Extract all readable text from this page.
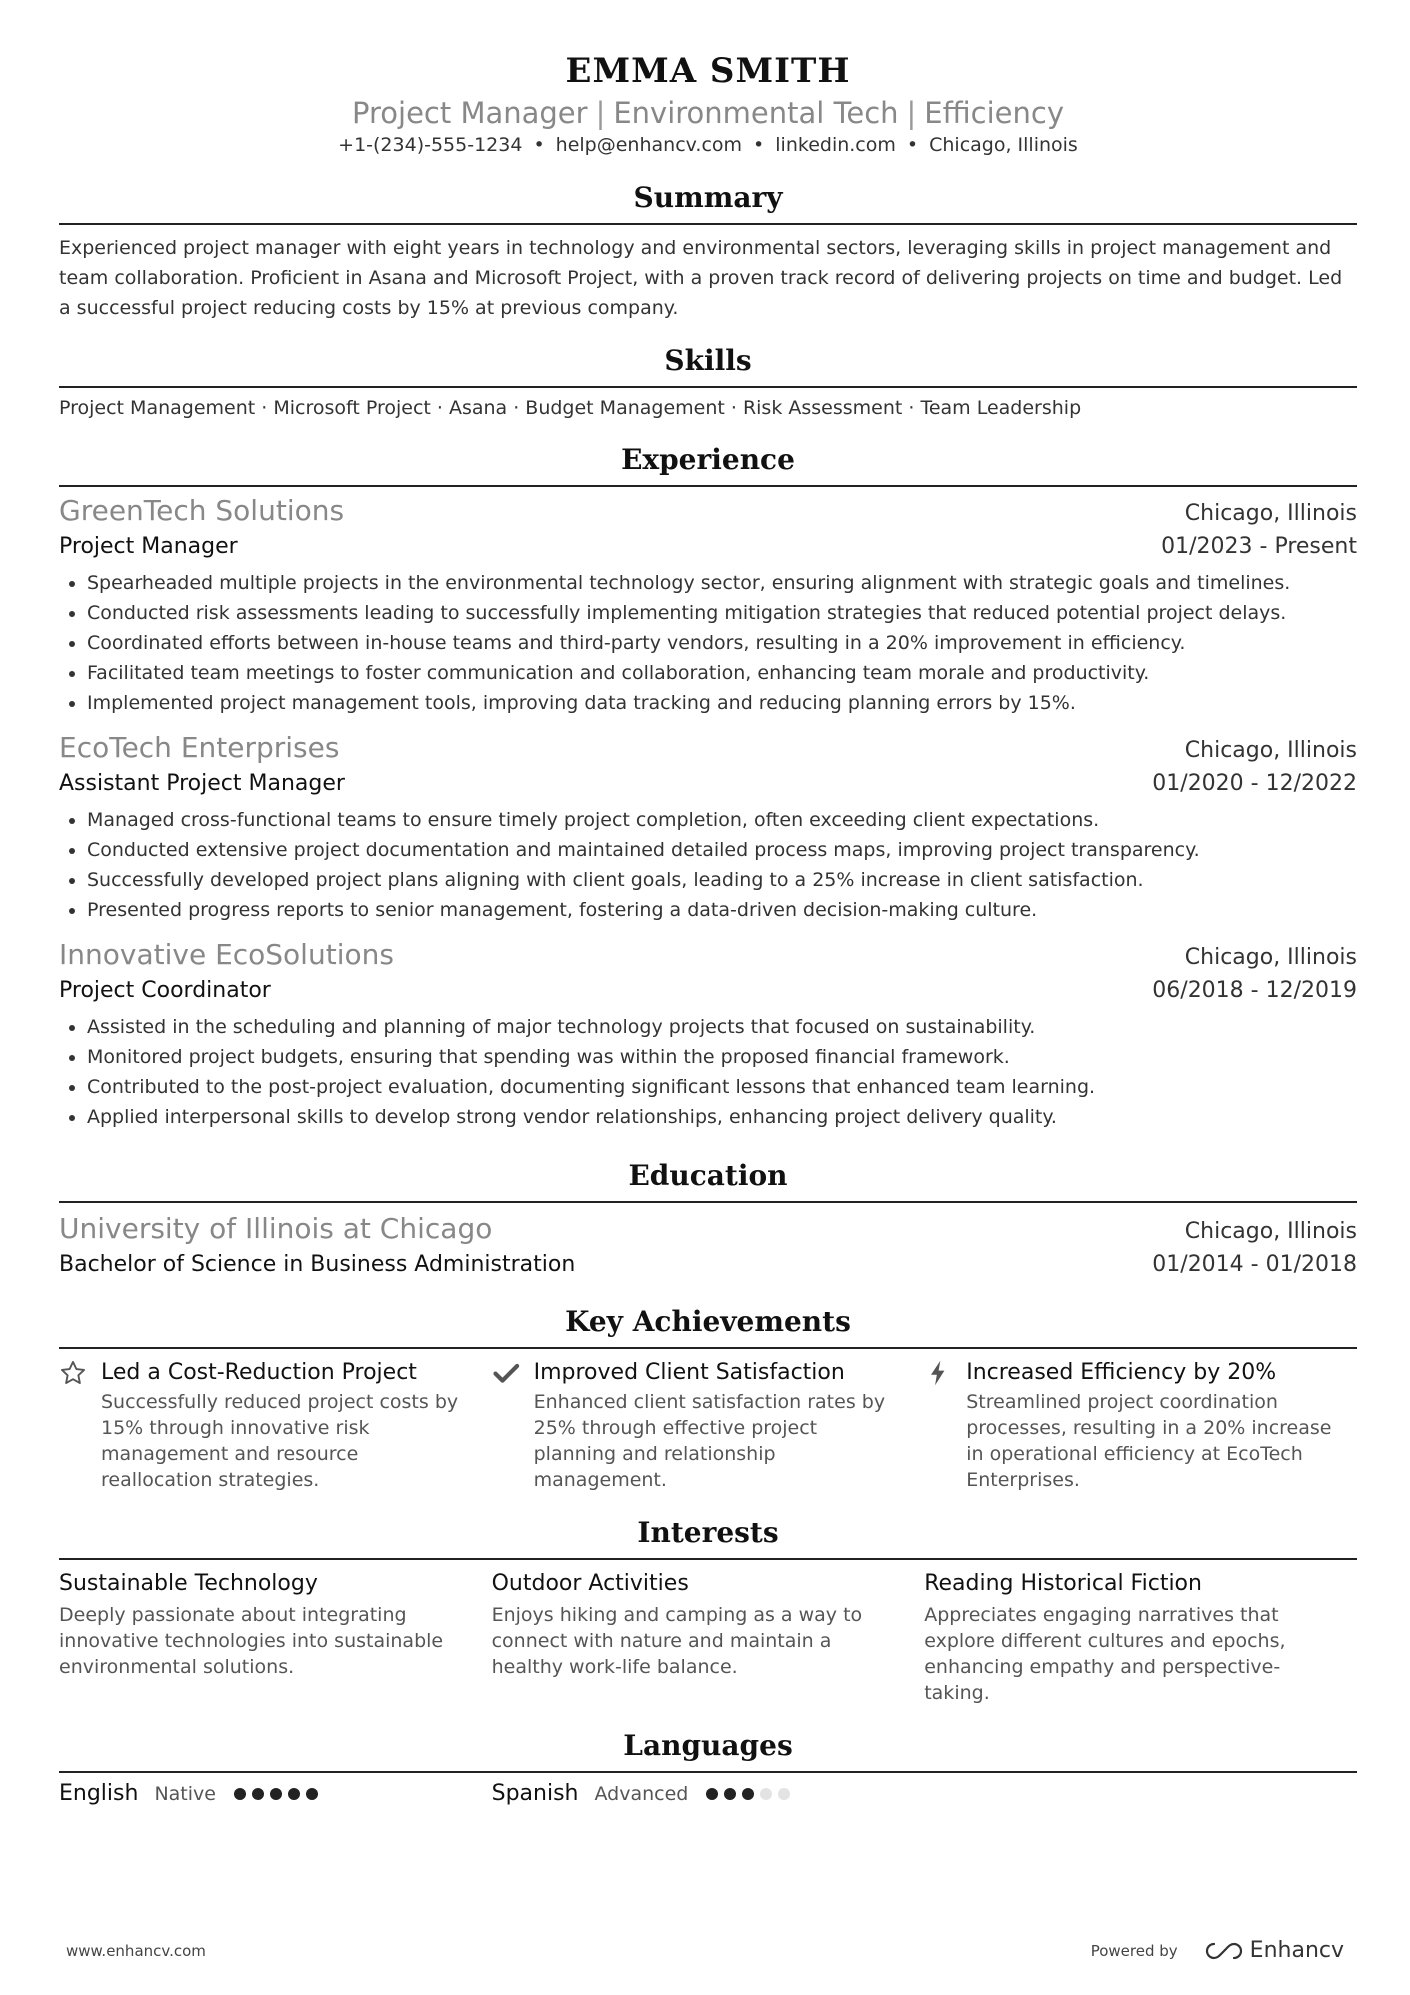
EMMA SMITH
Project Manager | Environmental Tech | Efficiency
+1-(234)-555-1234 • help@enhancv.com • linkedin.com • Chicago, Illinois
Summary
Experienced project manager with eight years in technology and environmental sectors, leveraging skills in project management and team collaboration. Proficient in Asana and Microsoft Project, with a proven track record of delivering projects on time and budget. Led a successful project reducing costs by 15% at previous company.
Skills
Project Management · Microsoft Project · Asana · Budget Management · Risk Assessment · Team Leadership
Experience
GreenTech Solutions	Chicago, Illinois
Project Manager	01/2023 - Present
• Spearheaded multiple projects in the environmental technology sector, ensuring alignment with strategic goals and timelines.
• Conducted risk assessments leading to successfully implementing mitigation strategies that reduced potential project delays.
• Coordinated efforts between in-house teams and third-party vendors, resulting in a 20% improvement in efficiency.
• Facilitated team meetings to foster communication and collaboration, enhancing team morale and productivity.
• Implemented project management tools, improving data tracking and reducing planning errors by 15%.
EcoTech Enterprises	Chicago, Illinois
Assistant Project Manager	01/2020 - 12/2022
• Managed cross-functional teams to ensure timely project completion, often exceeding client expectations.
• Conducted extensive project documentation and maintained detailed process maps, improving project transparency.
• Successfully developed project plans aligning with client goals, leading to a 25% increase in client satisfaction.
• Presented progress reports to senior management, fostering a data-driven decision-making culture.
Innovative EcoSolutions	Chicago, Illinois
Project Coordinator	06/2018 - 12/2019
• Assisted in the scheduling and planning of major technology projects that focused on sustainability.
• Monitored project budgets, ensuring that spending was within the proposed financial framework.
• Contributed to the post-project evaluation, documenting significant lessons that enhanced team learning.
• Applied interpersonal skills to develop strong vendor relationships, enhancing project delivery quality.
Education
University of Illinois at Chicago	Chicago, Illinois
Bachelor of Science in Business Administration	01/2014 - 01/2018
Key Achievements
Led a Cost-Reduction Project
Successfully reduced project costs by 15% through innovative risk management and resource reallocation strategies.
Improved Client Satisfaction
Enhanced client satisfaction rates by 25% through effective project planning and relationship management.
Increased Efficiency by 20%
Streamlined project coordination processes, resulting in a 20% increase in operational efficiency at EcoTech Enterprises.
Interests
Sustainable Technology
Deeply passionate about integrating innovative technologies into sustainable environmental solutions.
Outdoor Activities
Enjoys hiking and camping as a way to connect with nature and maintain a healthy work-life balance.
Reading Historical Fiction
Appreciates engaging narratives that explore different cultures and epochs, enhancing empathy and perspective-taking.
Languages
English Native	Spanish Advanced
www.enhancv.com	Powered by	Enhancv
